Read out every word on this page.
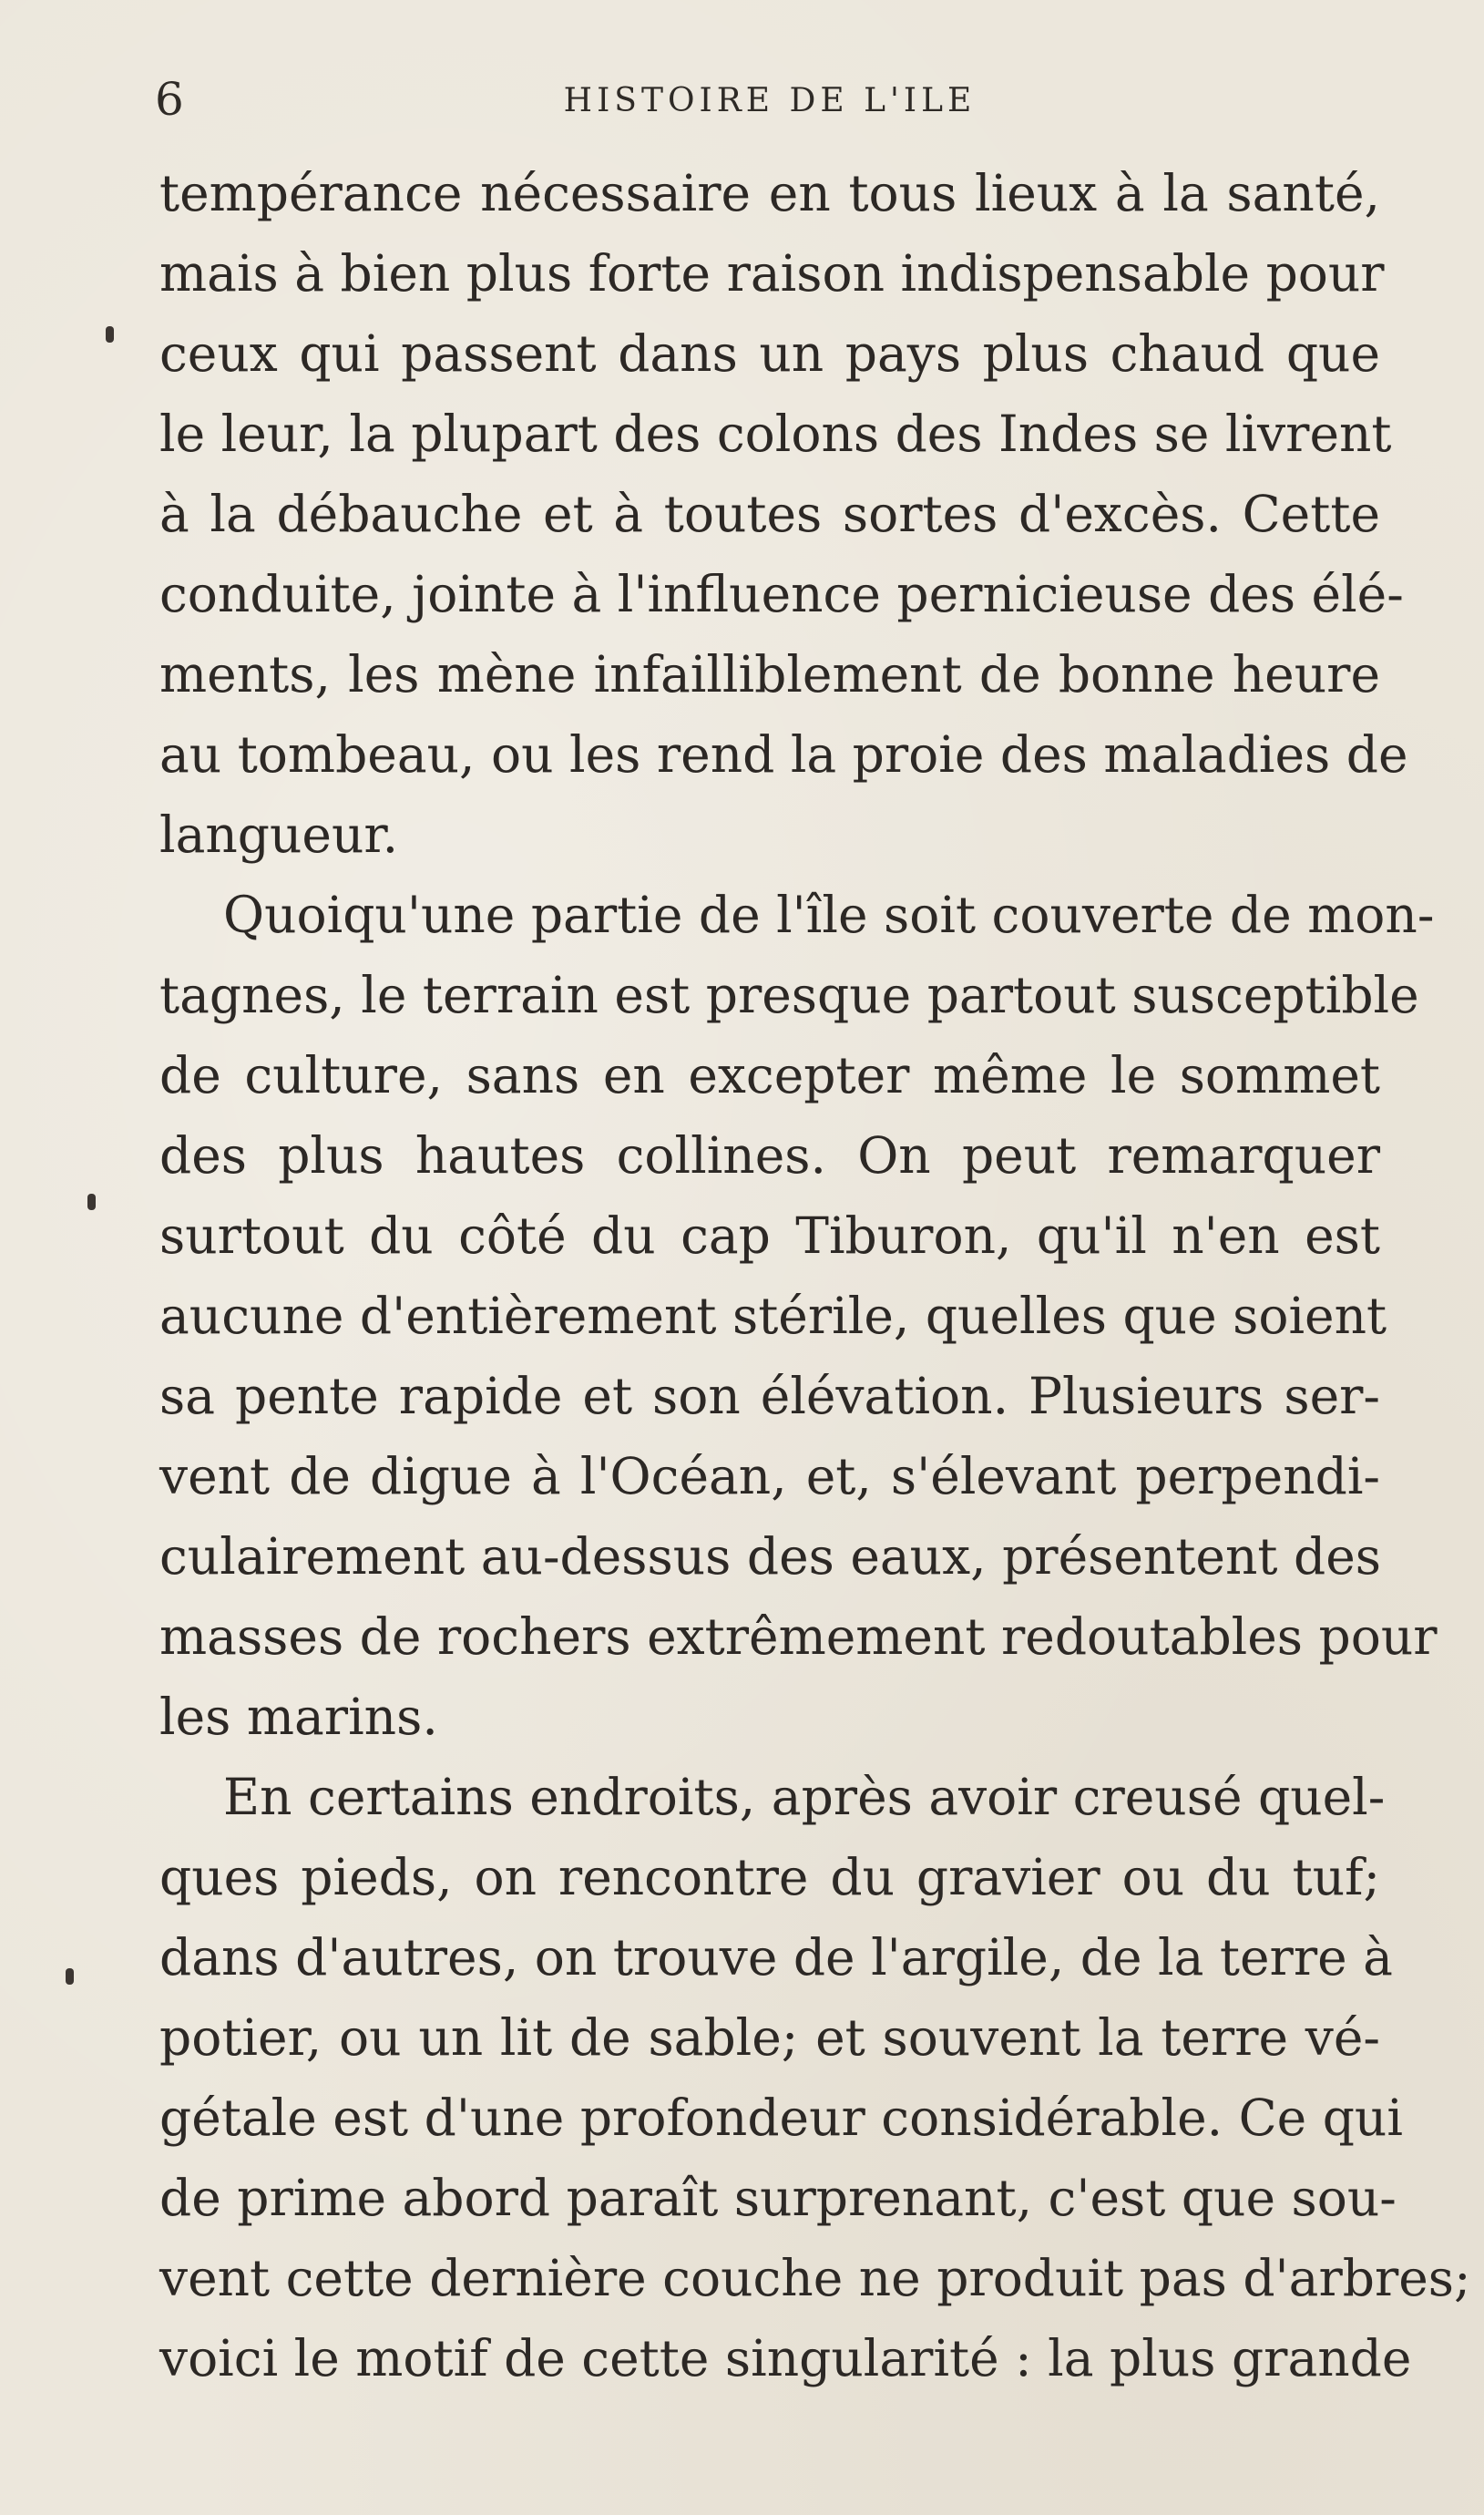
6	HISTOIRE DE L'ILE
tempérance nécessaire en tous lieux à la santé,
mais à bien plus forte raison indispensable pour
ceux qui passent dans un pays plus chaud que
le leur, la plupart des colons des Indes se livrent
à la débauche et à toutes sortes d'excès. Cette
conduite, jointe à l'influence pernicieuse des élé-
ments, les mène infailliblement de bonne heure
au tombeau, ou les rend la proie des maladies de
langueur.
Quoiqu'une partie de l'île soit couverte de mon-
tagnes, le terrain est presque partout susceptible
de culture, sans en excepter même le sommet
des plus hautes collines. On peut remarquer
surtout du côté du cap Tiburon, qu'il n'en est
aucune d'entièrement stérile, quelles que soient
sa pente rapide et son élévation. Plusieurs ser-
vent de digue à l'Océan, et, s'élevant perpendi-
culairement au-dessus des eaux, présentent des
masses de rochers extrêmement redoutables pour
les marins.
En certains endroits, après avoir creusé quel-
ques pieds, on rencontre du gravier ou du tuf;
dans d'autres, on trouve de l'argile, de la terre à
potier, ou un lit de sable; et souvent la terre vé-
gétale est d'une profondeur considérable. Ce qui
de prime abord paraît surprenant, c'est que sou-
vent cette dernière couche ne produit pas d'arbres;
voici le motif de cette singularité : la plus grande
